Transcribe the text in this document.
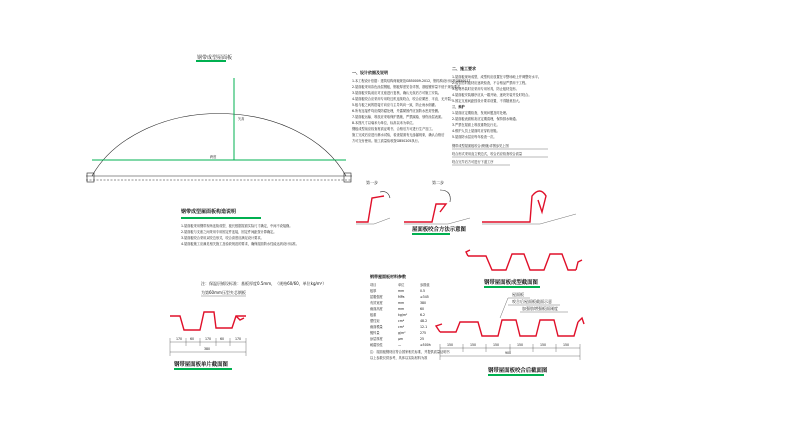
钢带成型屋面板
矢高
跨度
一、设计依据及说明
1.本工程设计依据：建筑结构荷载规范GB50009-2012，钢结构设计标准GB50017
2.屋面板采用彩色涂层钢板，钢板厚度见各详图，基板镀锌量不低于规范要求。
3.屋面板安装前应对支座进行复核，确认无误后方可施工安装。
4.屋面板咬合应采用专用咬边机连续咬合，咬合应紧密、平直、无开裂。
5.板与板之间的搭接方向应与主导风向一致，防止雨水倒灌。
6.所有连接件均应做防腐处理，外露紧固件应加防水密封垫圈。
7.屋面板运输、堆放应采取保护措施，严禁踩踏、划伤涂层表面。
8.本图尺寸以毫米为单位，标高以米为单位。
钢板成型前应检查材质证明书，合格后方可进行生产加工。
施工完成后应进行淋水试验，检查屋面有无渗漏现象，确认合格后
方可交付使用。施工质量验收按GB50205执行。
二、施工要求
1.屋面板现场成型，成型机应放置在平整场地上并调整好水平。
2.成型后的板材应逐块检查，不合格品严禁用于工程。
3.板材吊装时应采用专用吊具，防止板材变形。
4.屋面板安装顺序应从一端开始，逐块安装并及时咬合。
5.固定支座间距按设计要求设置，不得随意加大。
三、维护
1.屋面应定期检查，发现问题及时处理。
2.屋面板表面积灰应定期清理，保持排水畅通。
3.严禁在屋面上堆放重物及行走。
4.维护人员上屋面时应穿软底鞋。
5.屋面防水层应每年检查一次。
钢带成型屋面板咬合(锁缝)详图参见上图
咬合形式采用直立锁边式，咬合后应检查咬合质量
咬合完毕后方可进行下道工序
第一步	第二步
屋面板咬合方法示意图
钢带成型屋面板构造说明
1.屋面板采用钢带现场连续成型，板长根据屋面实际尺寸确定，中间不设接缝。
2.屋面板与支座之间采用专用固定件连接，固定件间距按计算确定。
3.屋面板咬合采用双咬边形式，咬合高度应满足设计要求。
4.屋面板施工应满足相关施工及验收规范的要求，确保屋面防水性能达到设计标准。
注：保温层铺设标准：基板厚度0.5mm，（规格60/60，单位kg/m²）
为第60mm压型夹芯钢板
170 60	170	60	170
380
钢带屋面板单片截面图
钢带屋面板材料参数
项目	单位	参数值
板厚	mm	0.5
屈服强度	MPa	≥345
有效宽度	mm	380
截面高度	mm	60
板重	kg/m²	6.2
惯性矩	cm⁴	48.2
截面模量	cm³	12.1
镀锌量	g/m²	275
涂层厚度	μm	25
耐腐蚀性	—	≥500h
注：屋面板钢材应符合国家相关标准，并提供质量证明书
以上参数仅供参考，具体以实际材料为准
钢带屋面板成型截面图
屋面板
咬合后屋面板截面示意
加强肋增强板面刚度
150	150	150	150	150	150
900
钢带屋面板咬合后截面图
